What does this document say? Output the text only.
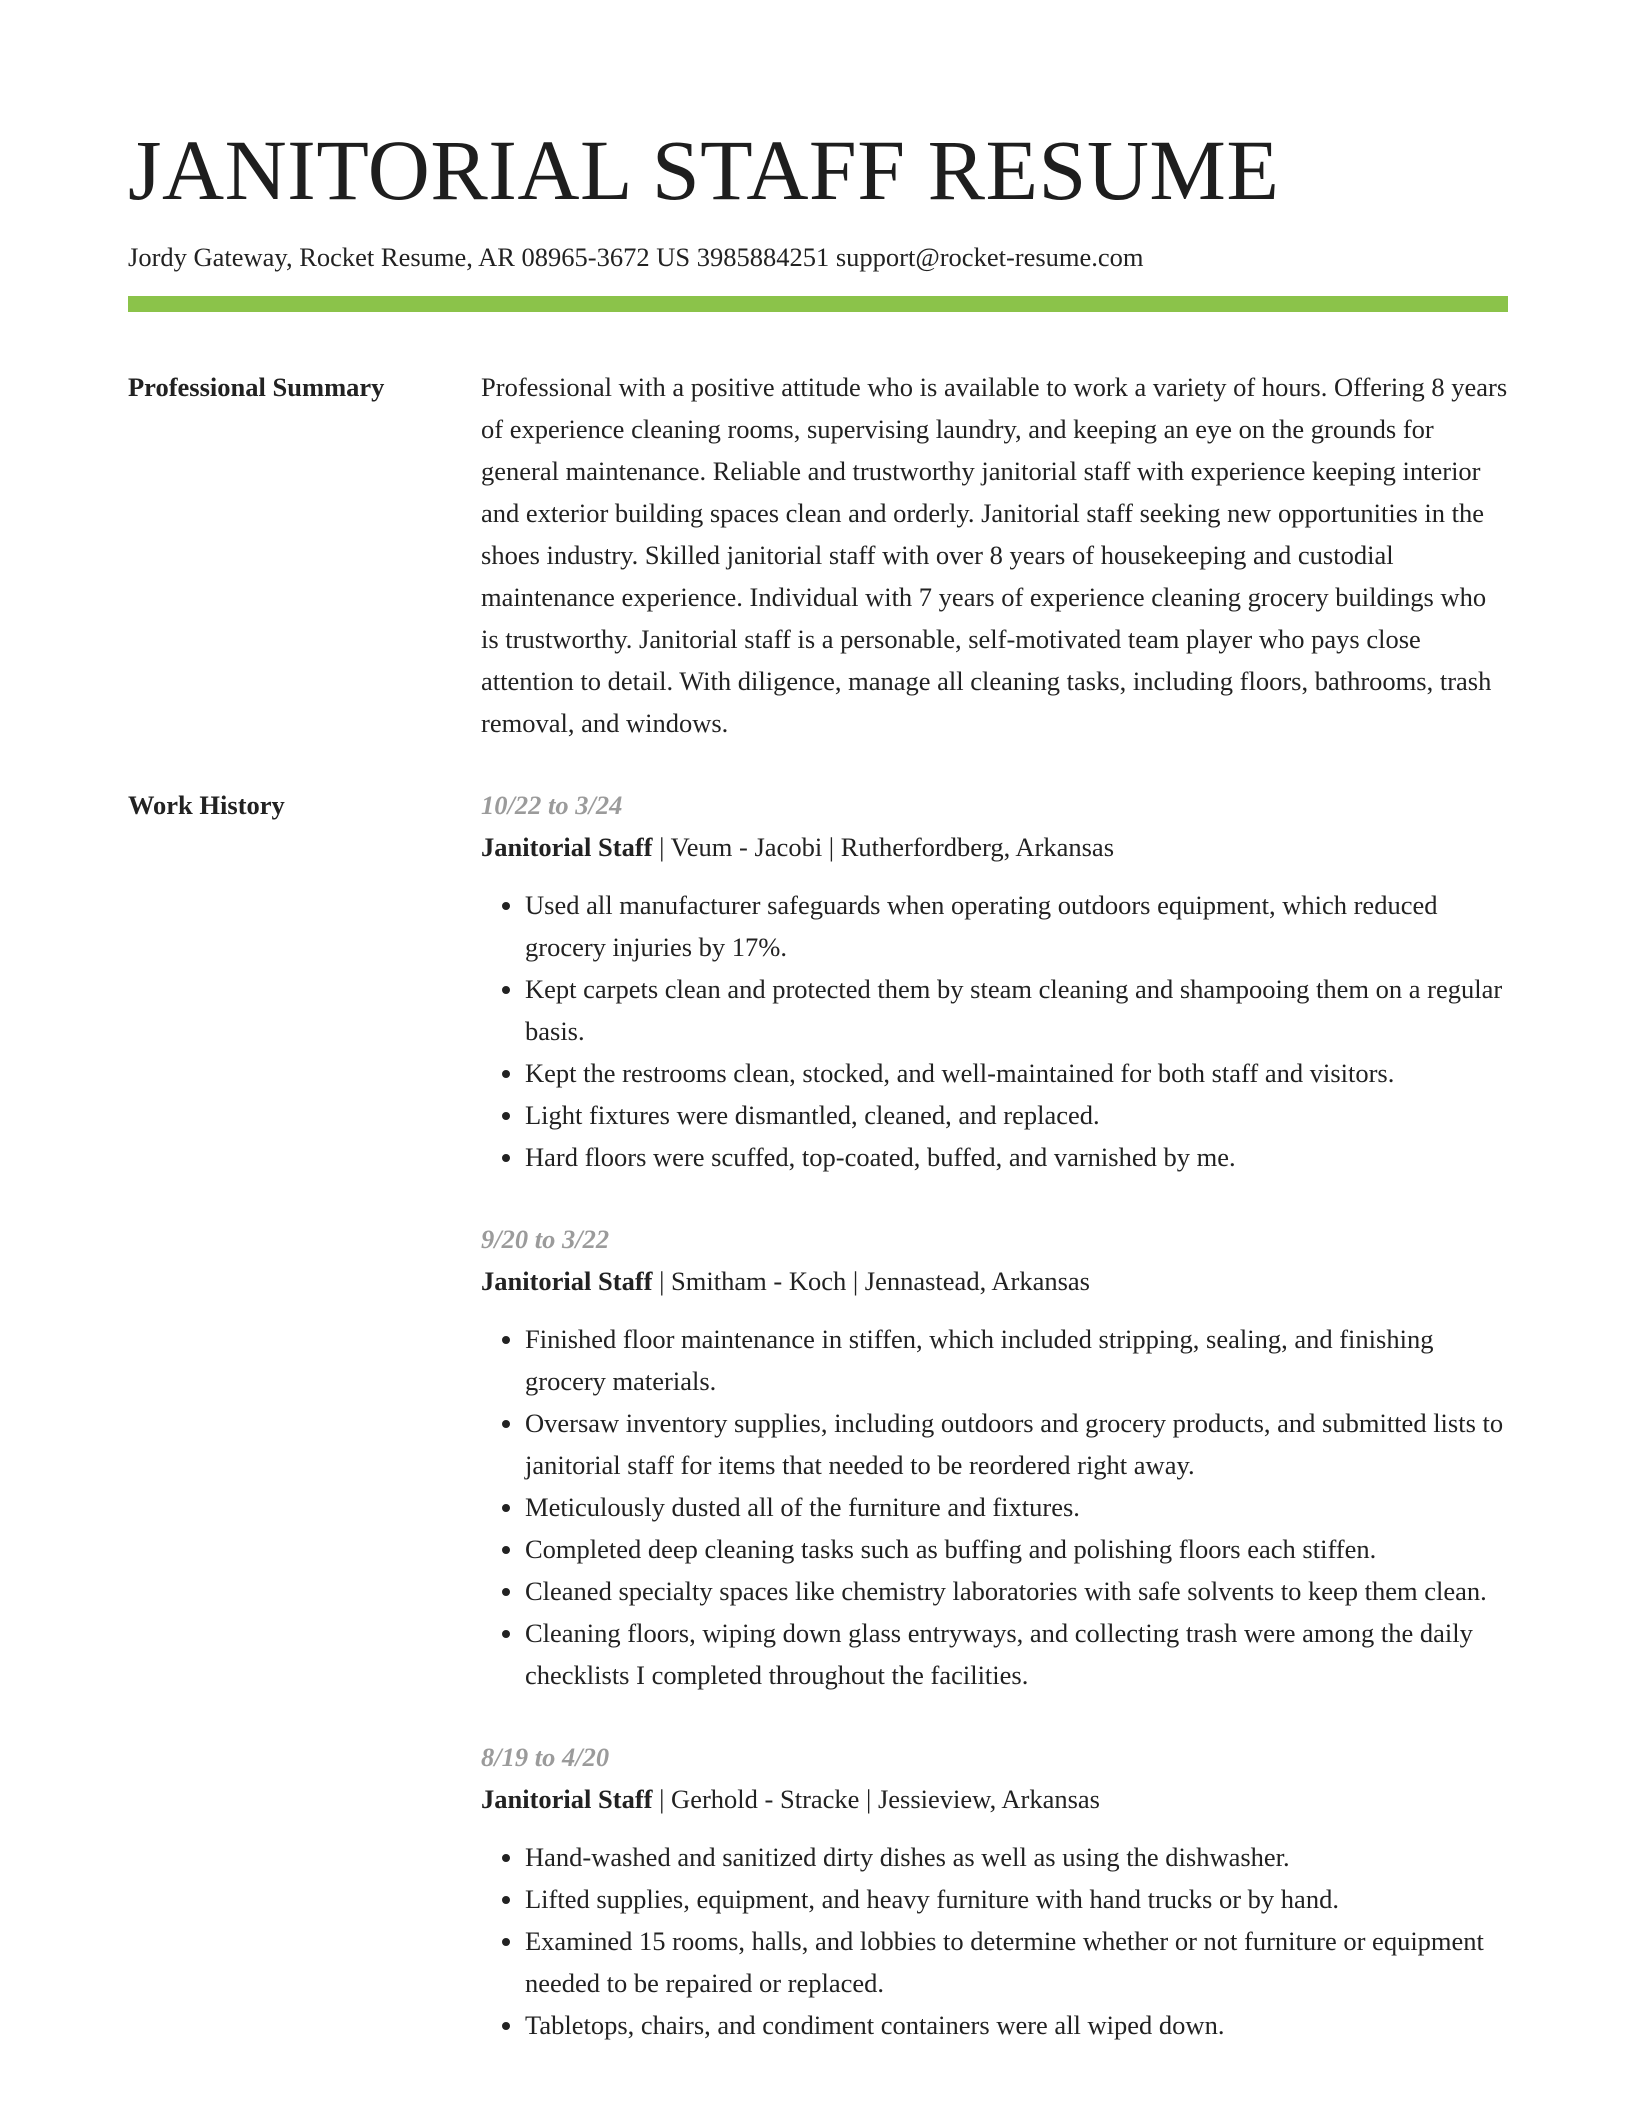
JANITORIAL STAFF RESUME
Jordy Gateway, Rocket Resume, AR 08965-3672 US 3985884251 support@rocket-resume.com
Professional Summary	Professional with a positive attitude who is available to work a variety of hours. Offering 8 years of experience cleaning rooms, supervising laundry, and keeping an eye on the grounds for general maintenance. Reliable and trustworthy janitorial staff with experience keeping interior and exterior building spaces clean and orderly. Janitorial staff seeking new opportunities in the shoes industry. Skilled janitorial staff with over 8 years of housekeeping and custodial maintenance experience. Individual with 7 years of experience cleaning grocery buildings who is trustworthy. Janitorial staff is a personable, self-motivated team player who pays close attention to detail. With diligence, manage all cleaning tasks, including floors, bathrooms, trash removal, and windows.

Work History	10/22 to 3/24
Janitorial Staff | Veum - Jacobi | Rutherfordberg, Arkansas
• Used all manufacturer safeguards when operating outdoors equipment, which reduced grocery injuries by 17%.
• Kept carpets clean and protected them by steam cleaning and shampooing them on a regular basis.
• Kept the restrooms clean, stocked, and well-maintained for both staff and visitors.
• Light fixtures were dismantled, cleaned, and replaced.
• Hard floors were scuffed, top-coated, buffed, and varnished by me.
9/20 to 3/22
Janitorial Staff | Smitham - Koch | Jennastead, Arkansas
• Finished floor maintenance in stiffen, which included stripping, sealing, and finishing grocery materials.
• Oversaw inventory supplies, including outdoors and grocery products, and submitted lists to janitorial staff for items that needed to be reordered right away.
• Meticulously dusted all of the furniture and fixtures.
• Completed deep cleaning tasks such as buffing and polishing floors each stiffen.
• Cleaned specialty spaces like chemistry laboratories with safe solvents to keep them clean.
• Cleaning floors, wiping down glass entryways, and collecting trash were among the daily checklists I completed throughout the facilities.
8/19 to 4/20
Janitorial Staff | Gerhold - Stracke | Jessieview, Arkansas
• Hand-washed and sanitized dirty dishes as well as using the dishwasher.
• Lifted supplies, equipment, and heavy furniture with hand trucks or by hand.
• Examined 15 rooms, halls, and lobbies to determine whether or not furniture or equipment needed to be repaired or replaced.
• Tabletops, chairs, and condiment containers were all wiped down.
